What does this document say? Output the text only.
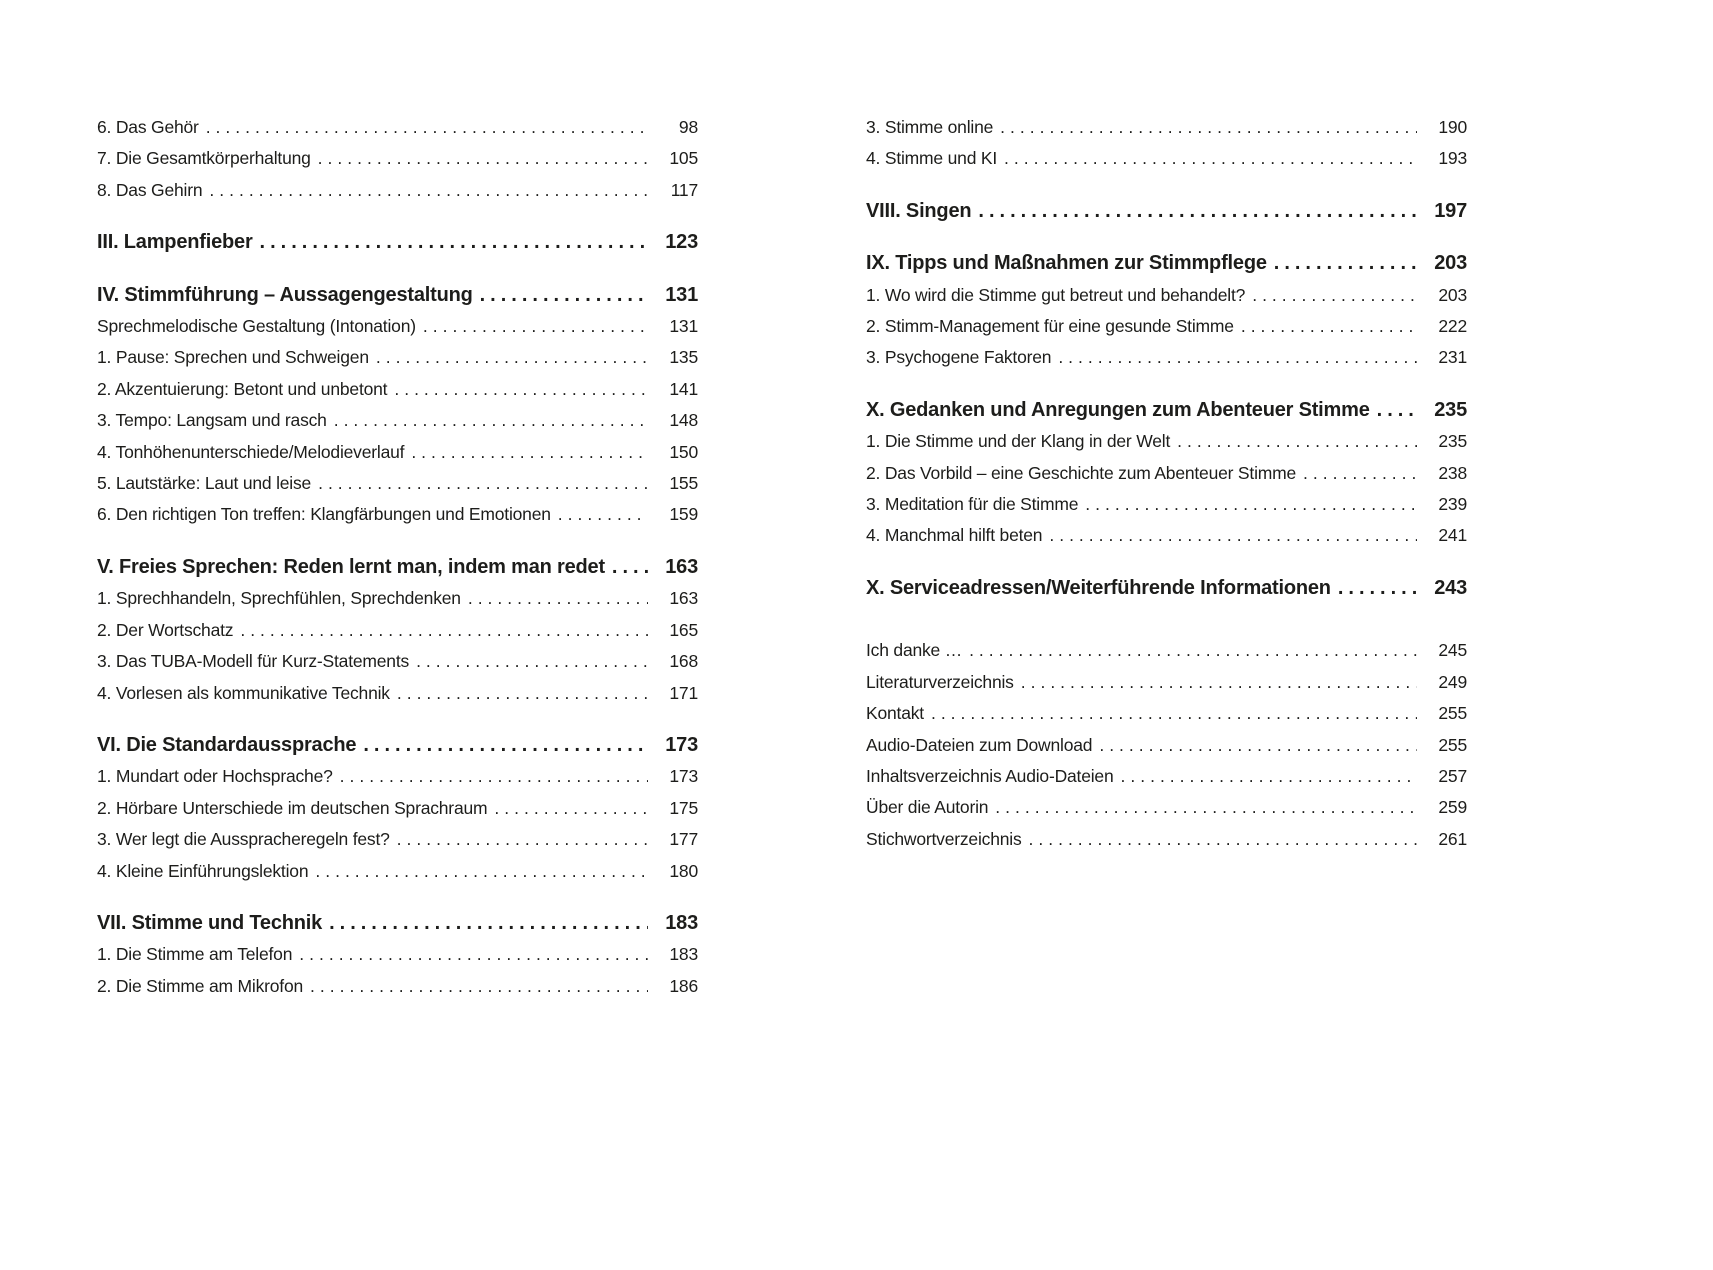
6. Das Gehör .....	98
7. Die Gesamtkörperhaltung .....	105
8. Das Gehirn .....	117
III. Lampenfieber .....	123
IV. Stimmführung – Aussagengestaltung .....	131
Sprechmelodische Gestaltung (Intonation) .....	131
1. Pause: Sprechen und Schweigen .....	135
2. Akzentuierung: Betont und unbetont .....	141
3. Tempo: Langsam und rasch .....	148
4. Tonhöhenunterschiede/Melodieverlauf .....	150
5. Lautstärke: Laut und leise .....	155
6. Den richtigen Ton treffen: Klangfärbungen und Emotionen .....	159
V. Freies Sprechen: Reden lernt man, indem man redet .....	163
1. Sprechhandeln, Sprechfühlen, Sprechdenken .....	163
2. Der Wortschatz .....	165
3. Das TUBA-Modell für Kurz-Statements .....	168
4. Vorlesen als kommunikative Technik .....	171
VI. Die Standardaussprache .....	173
1. Mundart oder Hochsprache? .....	173
2. Hörbare Unterschiede im deutschen Sprachraum .....	175
3. Wer legt die Ausspracheregeln fest? .....	177
4. Kleine Einführungslektion .....	180
VII. Stimme und Technik .....	183
1. Die Stimme am Telefon .....	183
2. Die Stimme am Mikrofon .....	186
3. Stimme online .....	190
4. Stimme und KI .....	193
VIII. Singen .....	197
IX. Tipps und Maßnahmen zur Stimmpflege .....	203
1. Wo wird die Stimme gut betreut und behandelt? .....	203
2. Stimm-Management für eine gesunde Stimme .....	222
3. Psychogene Faktoren .....	231
X. Gedanken und Anregungen zum Abenteuer Stimme .....	235
1. Die Stimme und der Klang in der Welt .....	235
2. Das Vorbild – eine Geschichte zum Abenteuer Stimme .....	238
3. Meditation für die Stimme .....	239
4. Manchmal hilft beten .....	241
X. Serviceadressen/Weiterführende Informationen .....	243
Ich danke … .....	245
Literaturverzeichnis .....	249
Kontakt .....	255
Audio-Dateien zum Download .....	255
Inhaltsverzeichnis Audio-Dateien .....	257
Über die Autorin .....	259
Stichwortverzeichnis .....	261
